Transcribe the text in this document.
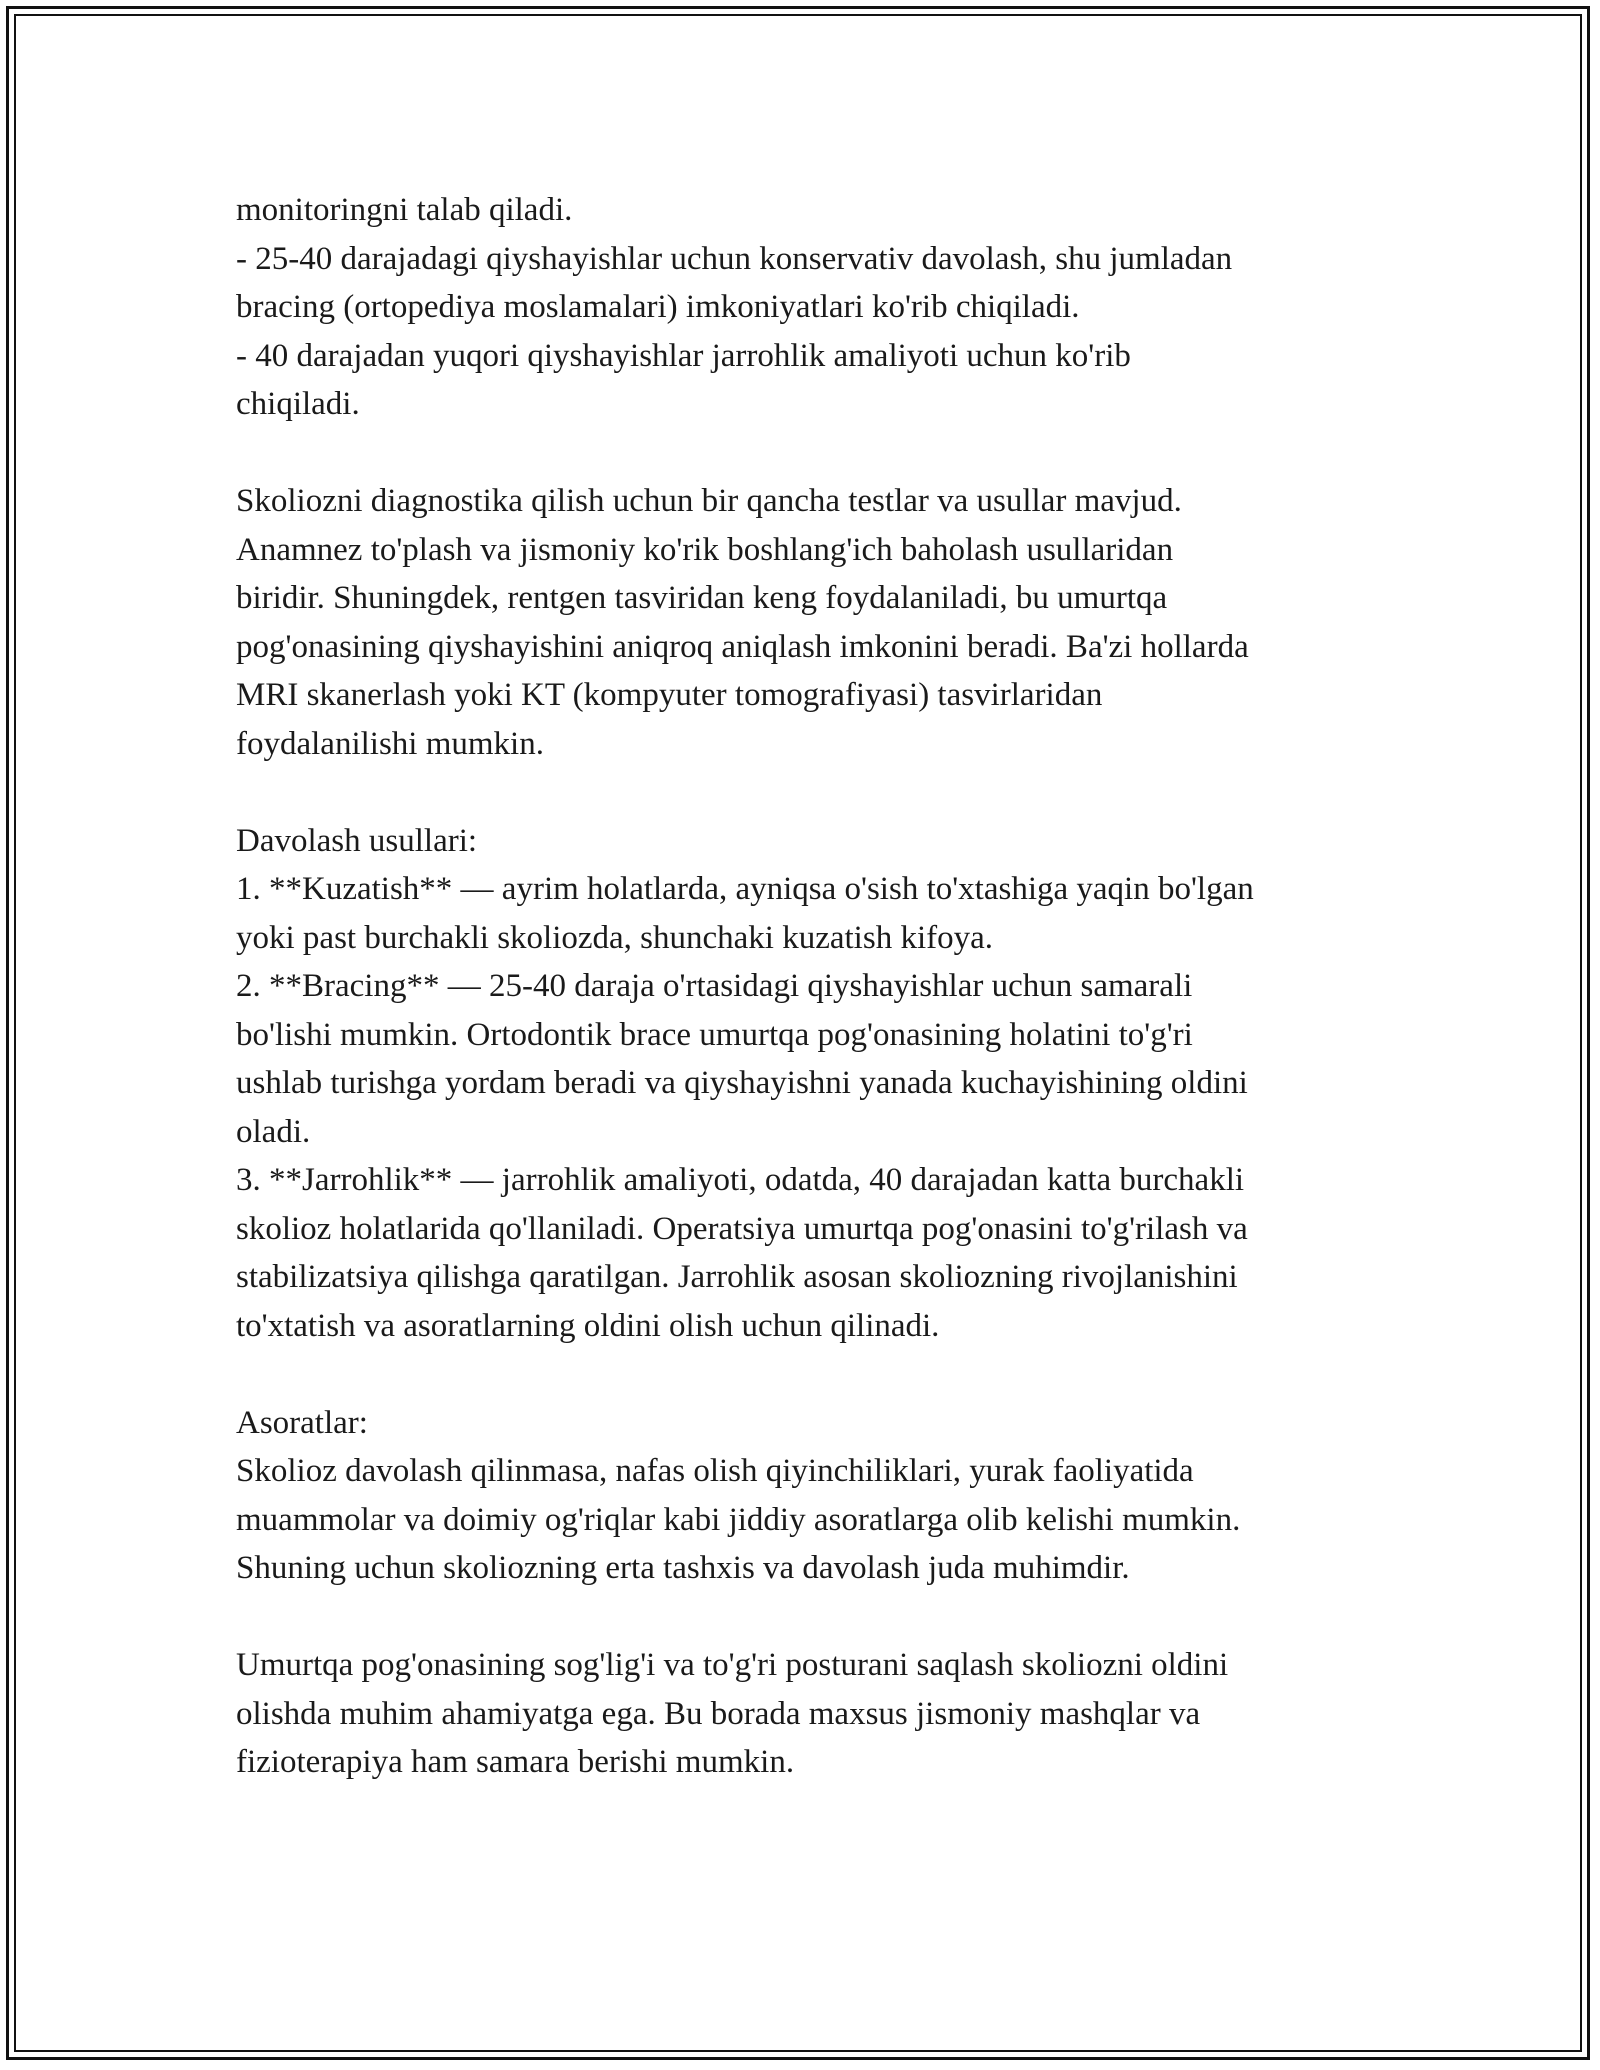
monitoringni talab qiladi.
- 25-40 darajadagi qiyshayishlar uchun konservativ davolash, shu jumladan
bracing (ortopediya moslamalari) imkoniyatlari ko'rib chiqiladi.
- 40 darajadan yuqori qiyshayishlar jarrohlik amaliyoti uchun ko'rib
chiqiladi.
Skoliozni diagnostika qilish uchun bir qancha testlar va usullar mavjud.
Anamnez to'plash va jismoniy ko'rik boshlang'ich baholash usullaridan
biridir. Shuningdek, rentgen tasviridan keng foydalaniladi, bu umurtqa
pog'onasining qiyshayishini aniqroq aniqlash imkonini beradi. Ba'zi hollarda
MRI skanerlash yoki KT (kompyuter tomografiyasi) tasvirlaridan
foydalanilishi mumkin.
Davolash usullari:
1. **Kuzatish** — ayrim holatlarda, ayniqsa o'sish to'xtashiga yaqin bo'lgan
yoki past burchakli skoliozda, shunchaki kuzatish kifoya.
2. **Bracing** — 25-40 daraja o'rtasidagi qiyshayishlar uchun samarali
bo'lishi mumkin. Ortodontik brace umurtqa pog'onasining holatini to'g'ri
ushlab turishga yordam beradi va qiyshayishni yanada kuchayishining oldini
oladi.
3. **Jarrohlik** — jarrohlik amaliyoti, odatda, 40 darajadan katta burchakli
skolioz holatlarida qo'llaniladi. Operatsiya umurtqa pog'onasini to'g'rilash va
stabilizatsiya qilishga qaratilgan. Jarrohlik asosan skoliozning rivojlanishini
to'xtatish va asoratlarning oldini olish uchun qilinadi.
Asoratlar:
Skolioz davolash qilinmasa, nafas olish qiyinchiliklari, yurak faoliyatida
muammolar va doimiy og'riqlar kabi jiddiy asoratlarga olib kelishi mumkin.
Shuning uchun skoliozning erta tashxis va davolash juda muhimdir.
Umurtqa pog'onasining sog'lig'i va to'g'ri posturani saqlash skoliozni oldini
olishda muhim ahamiyatga ega. Bu borada maxsus jismoniy mashqlar va
fizioterapiya ham samara berishi mumkin.
